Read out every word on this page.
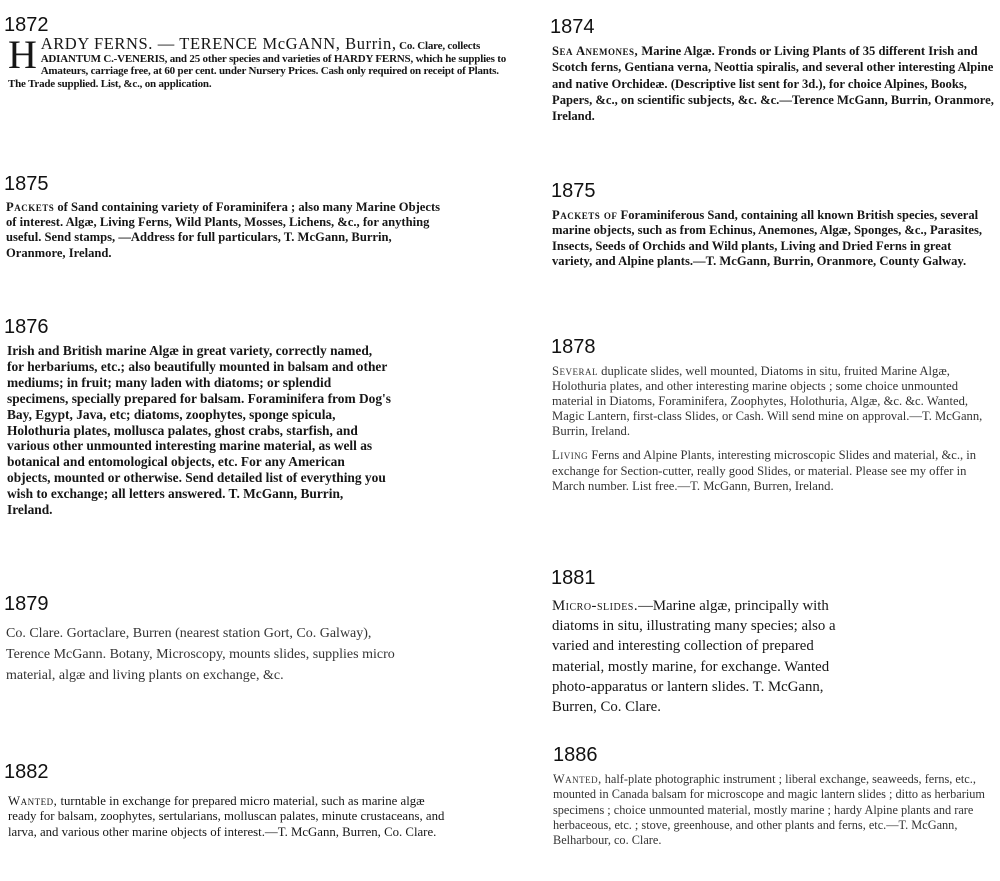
1872
H ARDY FERNS. — TERENCE McGANN, Burrin, Co. Clare, collects ADIANTUM C.-VENERIS, and 25 other species and varieties of HARDY FERNS, which he supplies to Amateurs, carriage free, at 60 per cent. under Nursery Prices. Cash only required on receipt of Plants. The Trade supplied. List, &c., on application.
1874
Sea Anemones, Marine Algæ. Fronds or Living Plants of 35 different Irish and Scotch ferns, Gentiana verna, Neottia spiralis, and several other interesting Alpine and native Orchideæ. (Descriptive list sent for 3d.), for choice Alpines, Books, Papers, &c., on scientific subjects, &c. &c.—Terence McGann, Burrin, Oranmore, Ireland.
1875
Packets of Sand containing variety of Foraminifera ; also many Marine Objects of interest. Algæ, Living Ferns, Wild Plants, Mosses, Lichens, &c., for anything useful. Send stamps, —Address for full particulars, T. McGann, Burrin, Oranmore, Ireland.
1875
Packets of Foraminiferous Sand, containing all known British species, several marine objects, such as from Echinus, Anemones, Algæ, Sponges, &c., Parasites, Insects, Seeds of Orchids and Wild plants, Living and Dried Ferns in great variety, and Alpine plants.—T. McGann, Burrin, Oranmore, County Galway.
1876
Irish and British marine Algæ in great variety, correctly named, for herbariums, etc.; also beautifully mounted in balsam and other mediums; in fruit; many laden with diatoms; or splendid specimens, specially prepared for balsam. Foraminifera from Dog's Bay, Egypt, Java, etc; diatoms, zoophytes, sponge spicula, Holothuria plates, mollusca palates, ghost crabs, starfish, and various other unmounted interesting marine material, as well as botanical and entomological objects, etc. For any American objects, mounted or otherwise. Send detailed list of everything you wish to exchange; all letters answered. T. McGann, Burrin, Ireland.
1878

Several duplicate slides, well mounted, Diatoms in situ, fruited Marine Algæ, Holothuria plates, and other interesting marine objects ; some choice unmounted material in Diatoms, Foraminifera, Zoophytes, Holothuria, Algæ, &c. &c. Wanted, Magic Lantern, first-class Slides, or Cash. Will send mine on approval.—T. McGann, Burrin, Ireland.

Living Ferns and Alpine Plants, interesting microscopic Slides and material, &c., in exchange for Section-cutter, really good Slides, or material. Please see my offer in March number. List free.—T. McGann, Burren, Ireland.

1879
Co. Clare. Gortaclare, Burren (nearest station Gort, Co. Galway), Terence McGann. Botany, Microscopy, mounts slides, supplies micro material, algæ and living plants on exchange, &c.
1881
Micro-slides.—Marine algæ, principally with diatoms in situ, illustrating many species; also a varied and interesting collection of prepared material, mostly marine, for exchange. Wanted photo-apparatus or lantern slides. T. McGann, Burren, Co. Clare.
1882
Wanted, turntable in exchange for prepared micro material, such as marine algæ ready for balsam, zoophytes, sertularians, molluscan palates, minute crustaceans, and larva, and various other marine objects of interest.—T. McGann, Burren, Co. Clare.
1886
Wanted, half-plate photographic instrument ; liberal exchange, seaweeds, ferns, etc., mounted in Canada balsam for microscope and magic lantern slides ; ditto as herbarium specimens ; choice unmounted material, mostly marine ; hardy Alpine plants and rare herbaceous, etc. ; stove, greenhouse, and other plants and ferns, etc.—T. McGann, Belharbour, co. Clare.
